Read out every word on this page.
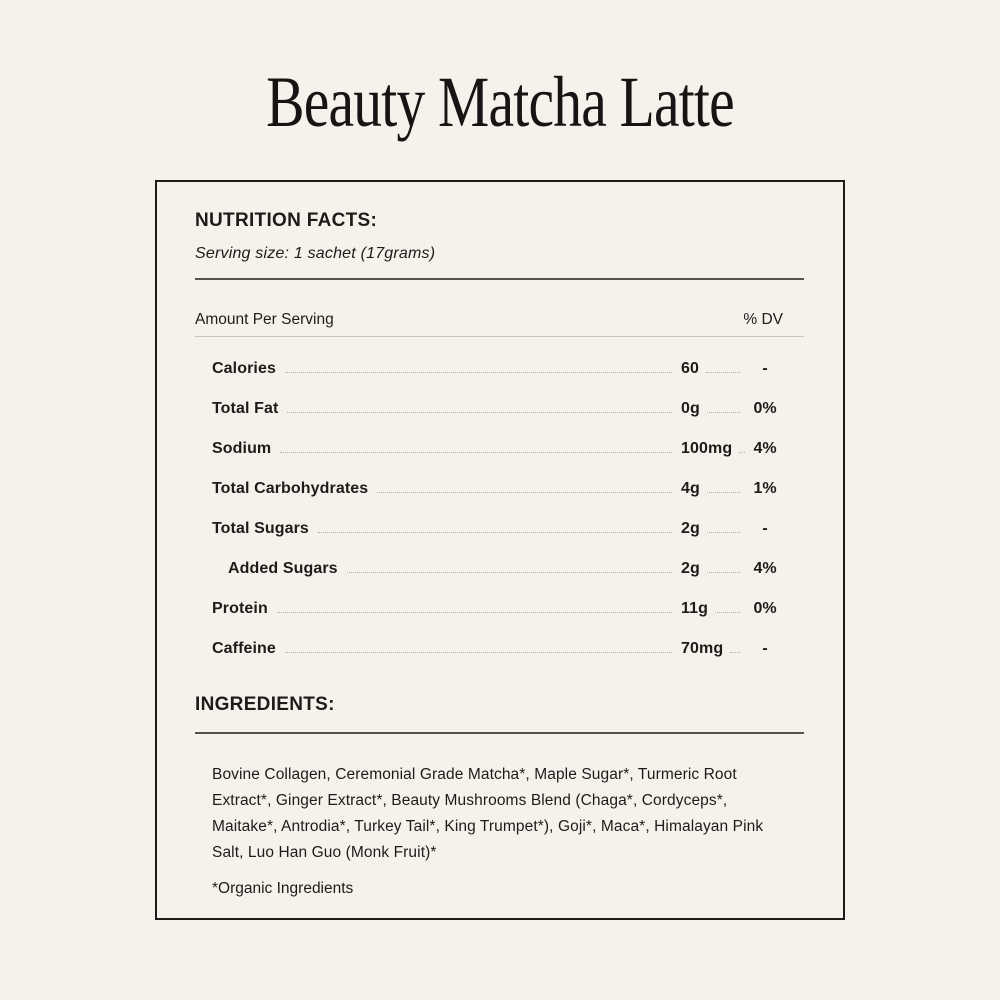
Beauty Matcha Latte
NUTRITION FACTS:
Serving size: 1 sachet (17grams)
Amount Per Serving	% DV
Calories	60	-
Total Fat	0g	0%
Sodium	100mg	4%
Total Carbohydrates	4g	1%
Total Sugars	2g	-
Added Sugars	2g	4%
Protein	11g	0%
Caffeine	70mg	-
INGREDIENTS:

Bovine Collagen, Ceremonial Grade Matcha*, Maple Sugar*, Turmeric Root Extract*, Ginger Extract*, Beauty Mushrooms Blend (Chaga*, Cordyceps*, Maitake*, Antrodia*, Turkey Tail*, King Trumpet*), Goji*, Maca*, Himalayan Pink Salt, Luo Han Guo (Monk Fruit)*

*Organic Ingredients
